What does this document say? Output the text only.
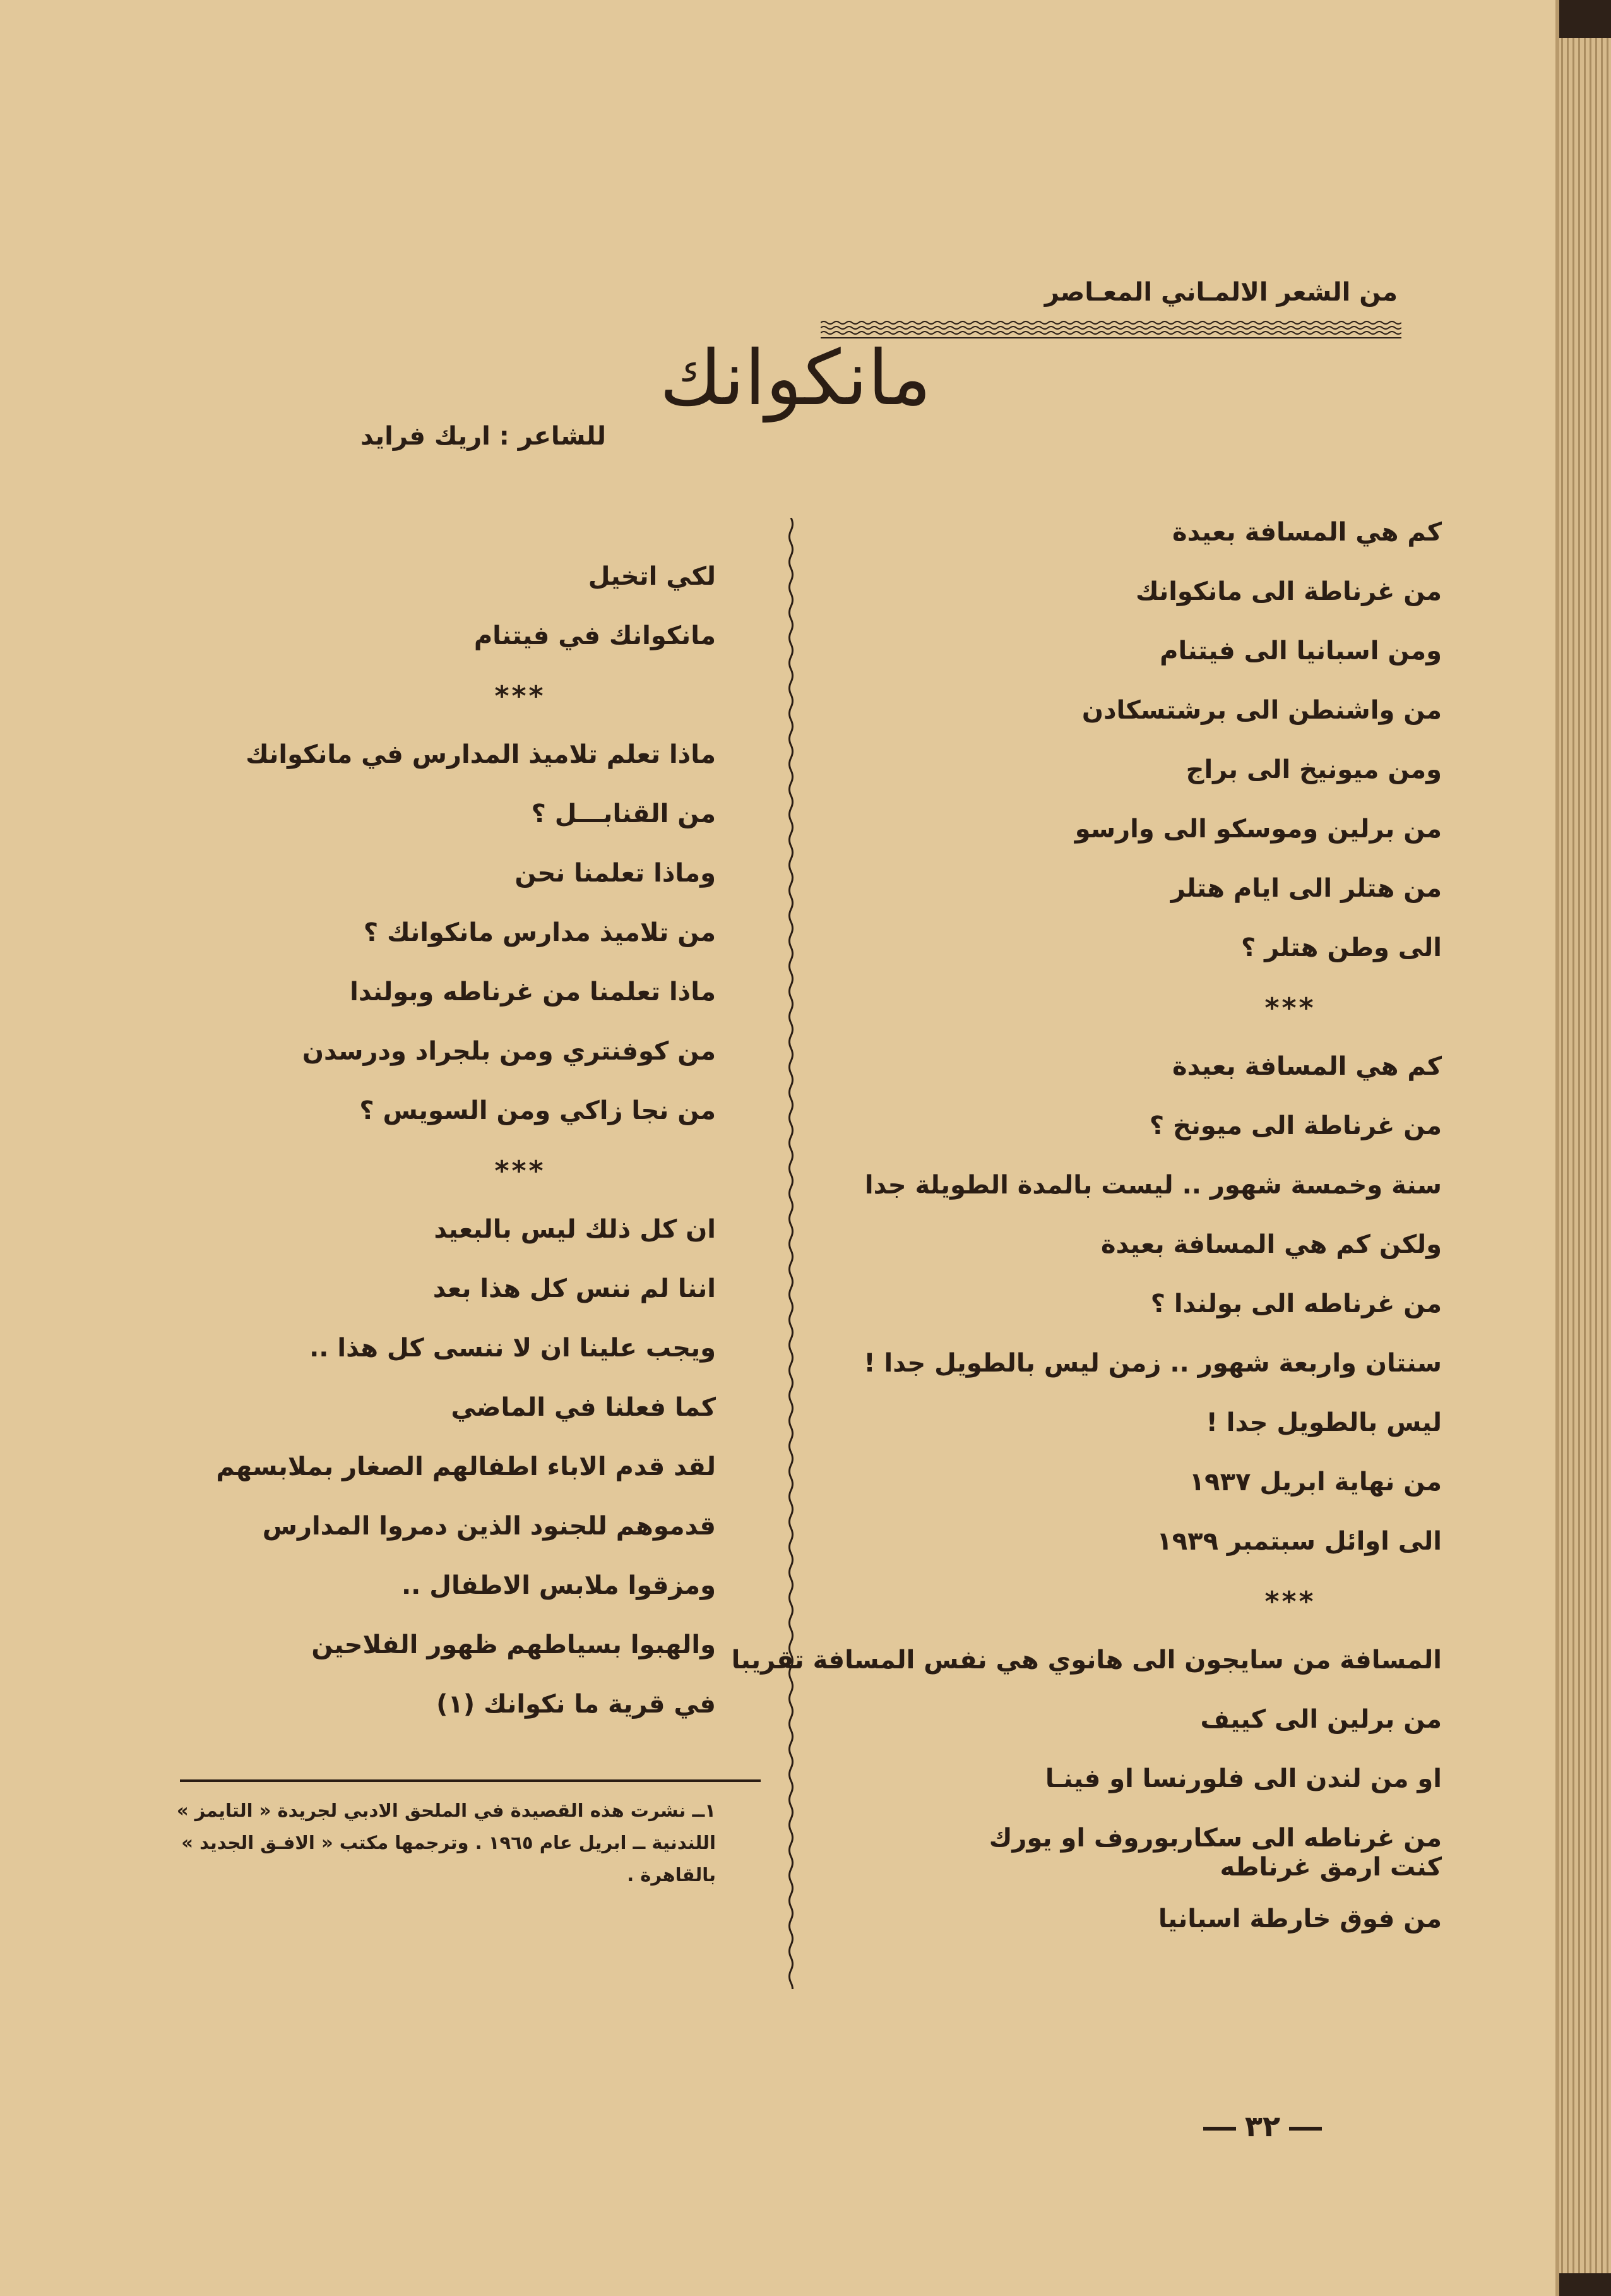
من الشعر الالمـاني المعـاصر
مانكوانك
للشاعر : اريك فرايد
كم هي المسافة بعيدة
من غرناطة الى مانكوانك
ومن اسبانيا الى فيتنام
من واشنطن الى برشتسكادن
ومن ميونيخ الى براج
من برلين وموسكو الى وارسو
من هتلر الى ايام هتلر
الى وطن هتلر ؟
***
كم هي المسافة بعيدة
من غرناطة الى ميونخ ؟
سنة وخمسة شهور .. ليست بالمدة الطويلة جدا
ولكن كم هي المسافة بعيدة
من غرناطه الى بولندا ؟
سنتان واربعة شهور .. زمن ليس بالطويل جدا !
ليس بالطويل جدا !
من نهاية ابريل ١٩٣٧
الى اوائل سبتمبر ١٩٣٩
***
المسافة من سايجون الى هانوي هي نفس المسافة تقريبا
من برلين الى كييف
او من لندن الى فلورنسا او فينـا
من غرناطه الى سكاربوروف او يورك
كنت ارمق غرناطه
من فوق خارطة اسبانيا
لكي اتخيل
مانكوانك في فيتنام
***
ماذا تعلم تلاميذ المدارس في مانكوانك
من القنابـــل ؟
وماذا تعلمنا نحن
من تلاميذ مدارس مانكوانك ؟
ماذا تعلمنا من غرناطه وبولندا
من كوفنتري ومن بلجراد ودرسدن
من نجا زاكي ومن السويس ؟
***
ان كل ذلك ليس بالبعيد
اننا لم ننس كل هذا بعد
ويجب علينا ان لا ننسى كل هذا ..
كما فعلنا في الماضي
لقد قدم الاباء اطفالهم الصغار بملابسهم
قدموهم للجنود الذين دمروا المدارس
ومزقوا ملابس الاطفال ..
والهبوا بسياطهم ظهور الفلاحين
في قرية ما نكوانك (١)
١ــ نشرت هذه القصيدة في الملحق الادبي لجريدة « التايمز » اللندنية ــ ابريل عام ١٩٦٥ . وترجمها مكتب « الافـق الجديد » بالقاهرة .
٣٢
